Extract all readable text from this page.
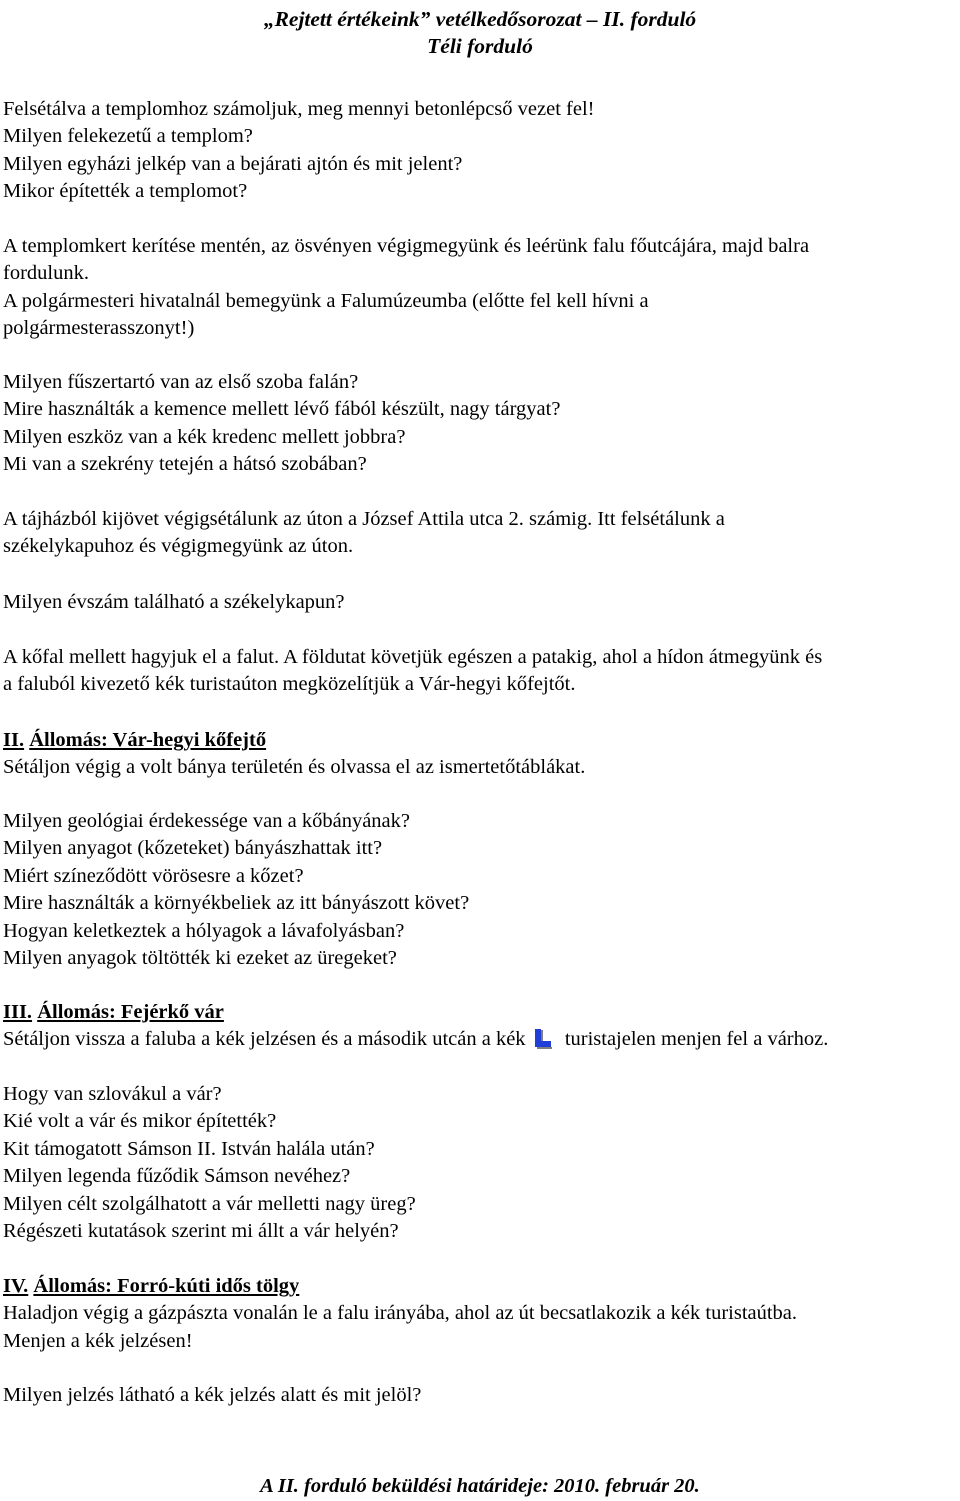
„Rejtett értékeink” vetélkedősorozat – II. forduló
Téli forduló

Felsétálva a templomhoz számoljuk, meg mennyi betonlépcső vezet fel!

Milyen felekezetű a templom?

Milyen egyházi jelkép van a bejárati ajtón és mit jelent?

Mikor építették a templomot?

A templomkert kerítése mentén, az ösvényen végigmegyünk és leérünk falu főutcájára, majd balra

fordulunk.

A polgármesteri hivatalnál bemegyünk a Falumúzeumba (előtte fel kell hívni a

polgármesterasszonyt!)

Milyen fűszertartó van az első szoba falán?

Mire használták a kemence mellett lévő fából készült, nagy tárgyat?

Milyen eszköz van a kék kredenc mellett jobbra?

Mi van a szekrény tetején a hátsó szobában?

A tájházból kijövet végigsétálunk az úton a József Attila utca 2. számig. Itt felsétálunk a

székelykapuhoz és végigmegyünk az úton.

Milyen évszám található a székelykapun?

A kőfal mellett hagyjuk el a falut. A földutat követjük egészen a patakig, ahol a hídon átmegyünk és

a faluból kivezető kék turistaúton megközelítjük a Vár-hegyi kőfejtőt.

II. Állomás: Vár-hegyi kőfejtő

Sétáljon végig a volt bánya területén és olvassa el az ismertetőtáblákat.

Milyen geológiai érdekessége van a kőbányának?

Milyen anyagot (kőzeteket) bányászhattak itt?

Miért színeződött vörösesre a kőzet?

Mire használták a környékbeliek az itt bányászott követ?

Hogyan keletkeztek a hólyagok a lávafolyásban?

Milyen anyagok töltötték ki ezeket az üregeket?

III. Állomás: Fejérkő vár

Sétáljon vissza a faluba a kék jelzésen és a második utcán a kék turistajelen menjen fel a várhoz.

Hogy van szlovákul a vár?

Kié volt a vár és mikor építették?

Kit támogatott Sámson II. István halála után?

Milyen legenda fűződik Sámson nevéhez?

Milyen célt szolgálhatott a vár melletti nagy üreg?

Régészeti kutatások szerint mi állt a vár helyén?

IV. Állomás: Forró-kúti idős tölgy

Haladjon végig a gázpászta vonalán le a falu irányába, ahol az út becsatlakozik a kék turistaútba.

Menjen a kék jelzésen!

Milyen jelzés látható a kék jelzés alatt és mit jelöl?

A II. forduló beküldési határideje: 2010. február 20.
